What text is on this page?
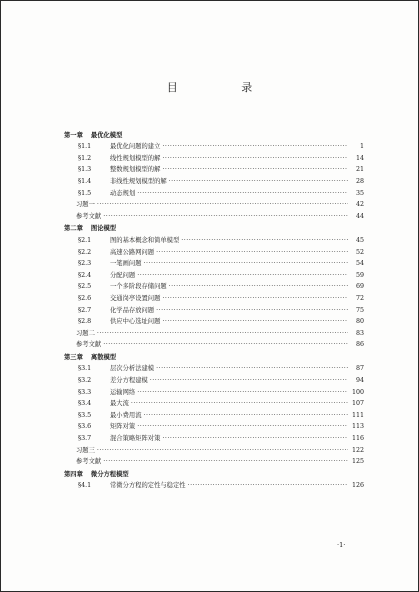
目 录
第一章 最优化模型
§1.1	最优化问题的建立 ·····	1
§1.2	线性规划模型的解 ·····	14
§1.3	整数规划模型的解 ·····	21
§1.4	非线性规划模型的解 ·····	28
§1.5	动态规划 ·····	35
习题一 ·····	42
参考文献 ·····	44
第二章 图论模型
§2.1	图的基本概念和简单模型 ·····	45
§2.2	高速公路网问题 ·····	52
§2.3	一笔画问题 ·····	54
§2.4	分配问题 ·····	59
§2.5	一个多阶段存储问题 ·····	69
§2.6	交通岗亭设置问题 ·····	72
§2.7	化学品存放问题 ·····	75
§2.8	供应中心选址问题 ·····	80
习题二 ·····	83
参考文献 ·····	86
第三章 离散模型
§3.1	层次分析法建模 ·····	87
§3.2	差分方程建模 ·····	94
§3.3	运输网络 ·····	100
§3.4	最大流 ·····	107
§3.5	最小费用流 ·····	111
§3.6	矩阵对策 ·····	113
§3.7	混合策略矩阵对策 ·····	116
习题三 ·····	122
参考文献 ·····	125
第四章 微分方程模型
§4.1	常微分方程的定性与稳定性 ·····	126
·1·
